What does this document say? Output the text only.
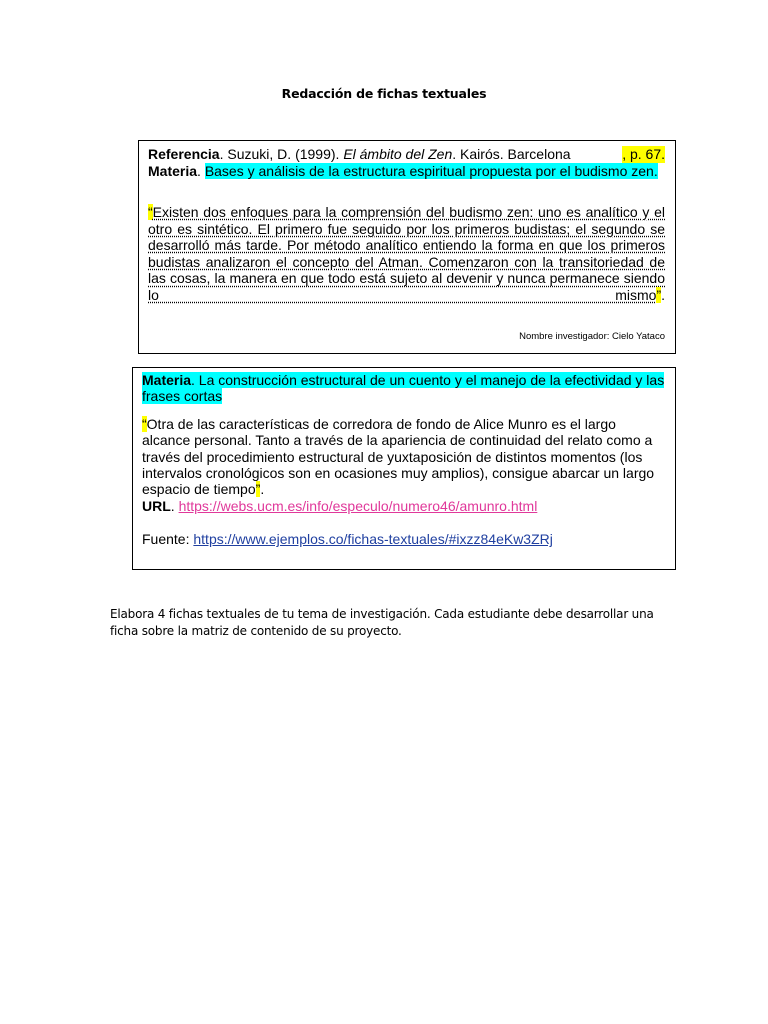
Redacción de fichas textuales
Referencia. Suzuki, D. (1999). El ámbito del Zen. Kairós. Barcelona	, p. 67.
Materia. Bases y análisis de la estructura espiritual propuesta por el budismo zen.
“Existen dos enfoques para la comprensión del budismo zen: uno es analítico y el otro es sintético. El primero fue seguido por los primeros budistas; el segundo se desarrolló más tarde. Por método analítico entiendo la forma en que los primeros budistas analizaron el concepto del Atman. Comenzaron con la transitoriedad de las cosas, la manera en que todo está sujeto al devenir y nunca permanece siendo lo mismo”.
Nombre investigador: Cielo Yataco
Materia. La construcción estructural de un cuento y el manejo de la efectividad y las frases cortas
“Otra de las características de corredora de fondo de Alice Munro es el largo alcance personal. Tanto a través de la apariencia de continuidad del relato como a través del procedimiento estructural de yuxtaposición de distintos momentos (los intervalos cronológicos son en ocasiones muy amplios), consigue abarcar un largo espacio de tiempo”.
URL. https://webs.ucm.es/info/especulo/numero46/amunro.html
Fuente: https://www.ejemplos.co/fichas-textuales/#ixzz84eKw3ZRj
Elabora 4 fichas textuales de tu tema de investigación. Cada estudiante debe desarrollar una ficha sobre la matriz de contenido de su proyecto.
